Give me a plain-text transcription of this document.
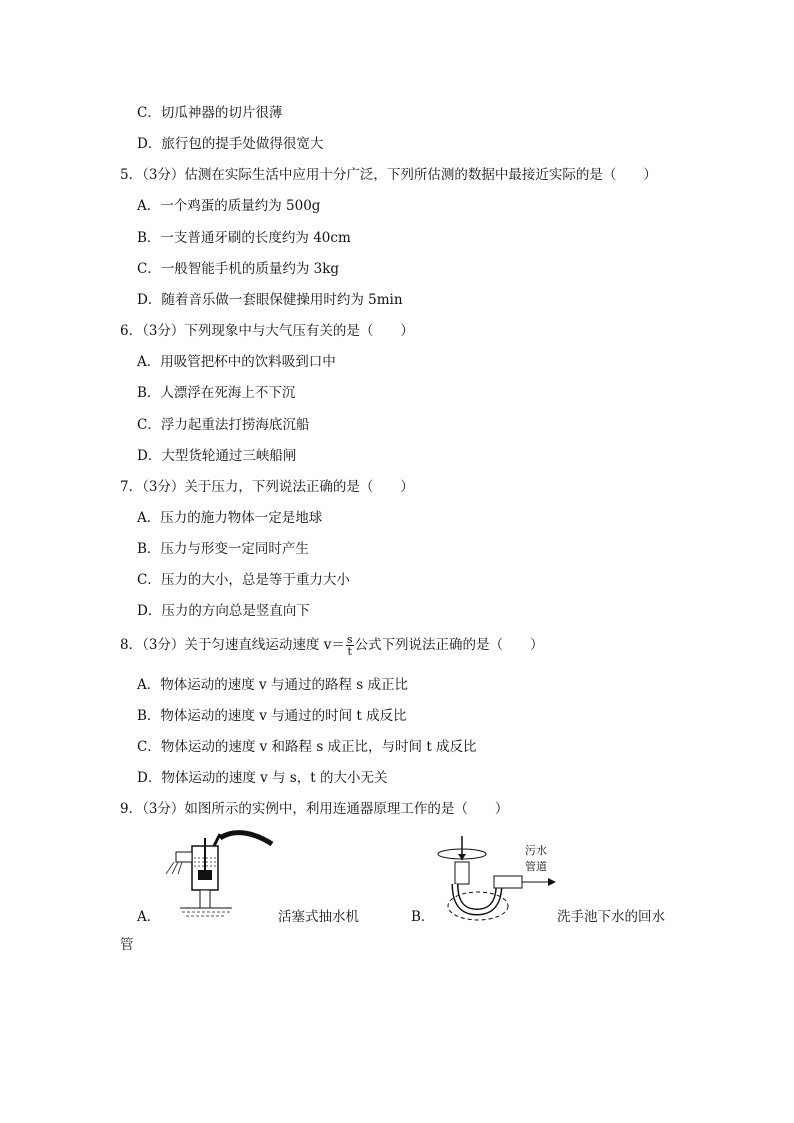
C．切瓜神器的切片很薄
D．旅行包的提手处做得很宽大
5．（3分）估测在实际生活中应用十分广泛，下列所估测的数据中最接近实际的是（　　）
A．一个鸡蛋的质量约为 500g
B．一支普通牙刷的长度约为 40cm
C．一般智能手机的质量约为 3kg
D．随着音乐做一套眼保健操用时约为 5min
6．（3分）下列现象中与大气压有关的是（　　）
A．用吸管把杯中的饮料吸到口中
B．人漂浮在死海上不下沉
C．浮力起重法打捞海底沉船
D．大型货轮通过三峡船闸
7．（3分）关于压力，下列说法正确的是（　　）
A．压力的施力物体一定是地球
B．压力与形变一定同时产生
C．压力的大小，总是等于重力大小
D．压力的方向总是竖直向下
8．（3分）关于匀速直线运动速度 $v= \frac{s}{t}$ 公式下列说法正确的是（　　）
A．物体运动的速度 v 与通过的路程 s 成正比
B．物体运动的速度 v 与通过的时间 t 成反比
C．物体运动的速度 v 和路程 s 成正比，与时间 t 成反比
D．物体运动的速度 v 与 s，t 的大小无关
9．（3分）如图所示的实例中，利用连通器原理工作的是（　　）
A．	活塞式抽水机	B．
污水
管道
洗手池下水的回水
管
